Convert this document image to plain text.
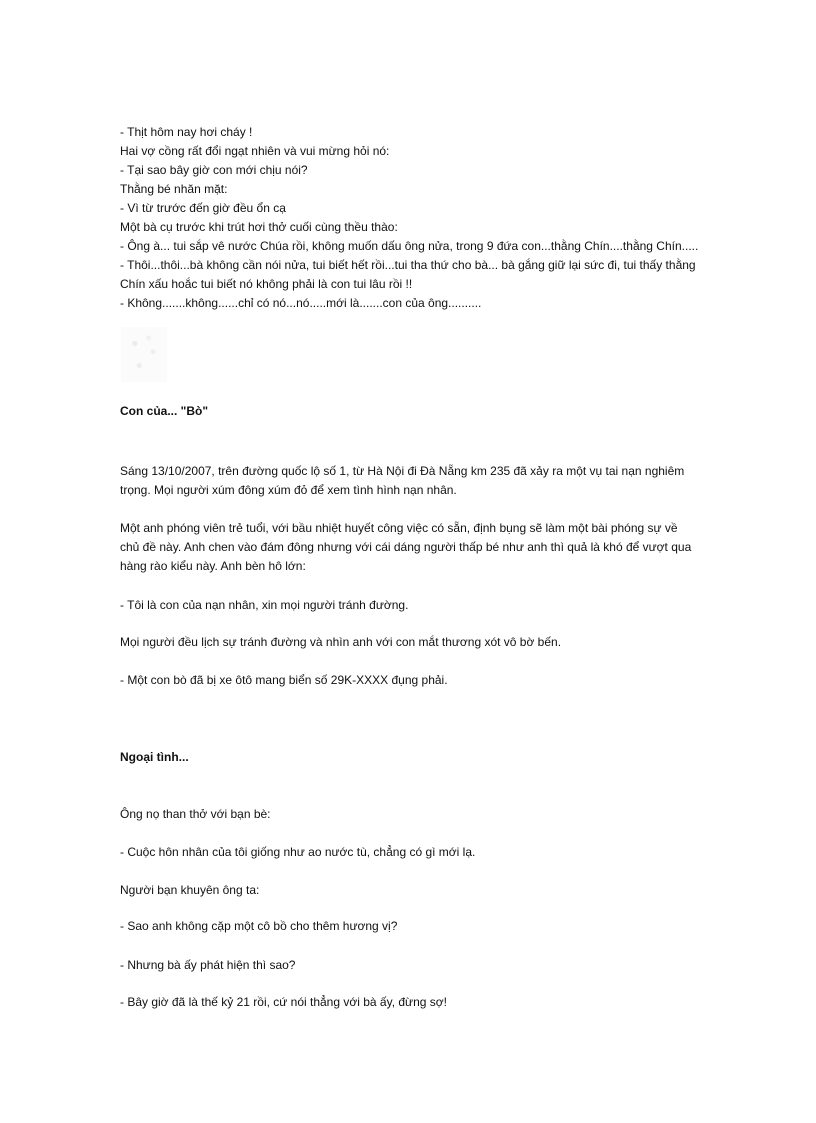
- Thịt hôm nay hơi cháy !
Hai vợ cồng rất đổi ngạt nhiên và vui mừng hỏi nó:
- Tại sao bây giờ con mới chịu nói?
Thằng bé nhăn mặt:
- Vì từ trước đến giờ đều ổn cạ
Một bà cụ trước khi trút hơi thở cuối cùng thều thào:
- Ông à... tui sắp vê nước Chúa rồi, không muốn dấu ông nửa, trong 9 đứa con...thằng Chín....thằng Chín.....
- Thôi...thôi...bà không cần nói nửa, tui biết hết rồi...tui tha thứ cho bà... bà gắng giữ lại sức đi, tui thấy thằng
Chín xấu hoắc tui biết nó không phải là con tui lâu rồi !!
- Không.......không......chỉ có nó...nó.....mới là.......con của ông..........
Con của... "Bò"
Sáng 13/10/2007, trên đường quốc lộ số 1, từ Hà Nội đi Đà Nẵng km 235 đã xảy ra một vụ tai nạn nghiêm trọng. Mọi người xúm đông xúm đỏ để xem tình hình nạn nhân.
Một anh phóng viên trẻ tuổi, với bầu nhiệt huyết công việc có sẵn, định bụng sẽ làm một bài phóng sự về chủ đề này. Anh chen vào đám đông nhưng với cái dáng người thấp bé như anh thì quả là khó để vượt qua hàng rào kiểu này. Anh bèn hô lớn:
- Tôi là con của nạn nhân, xin mọi người tránh đường.
Mọi người đều lịch sự tránh đường và nhìn anh với con mắt thương xót vô bờ bến.
- Một con bò đã bị xe ôtô mang biển số 29K-XXXX đụng phải.
Ngoại tình...
Ông nọ than thở với bạn bè:
- Cuộc hôn nhân của tôi giống như ao nước tù, chẳng có gì mới lạ.
Người bạn khuyên ông ta:
- Sao anh không cặp một cô bồ cho thêm hương vị?
- Nhưng bà ấy phát hiện thì sao?
- Bây giờ đã là thế kỷ 21 rồi, cứ nói thẳng với bà ấy, đừng sợ!
